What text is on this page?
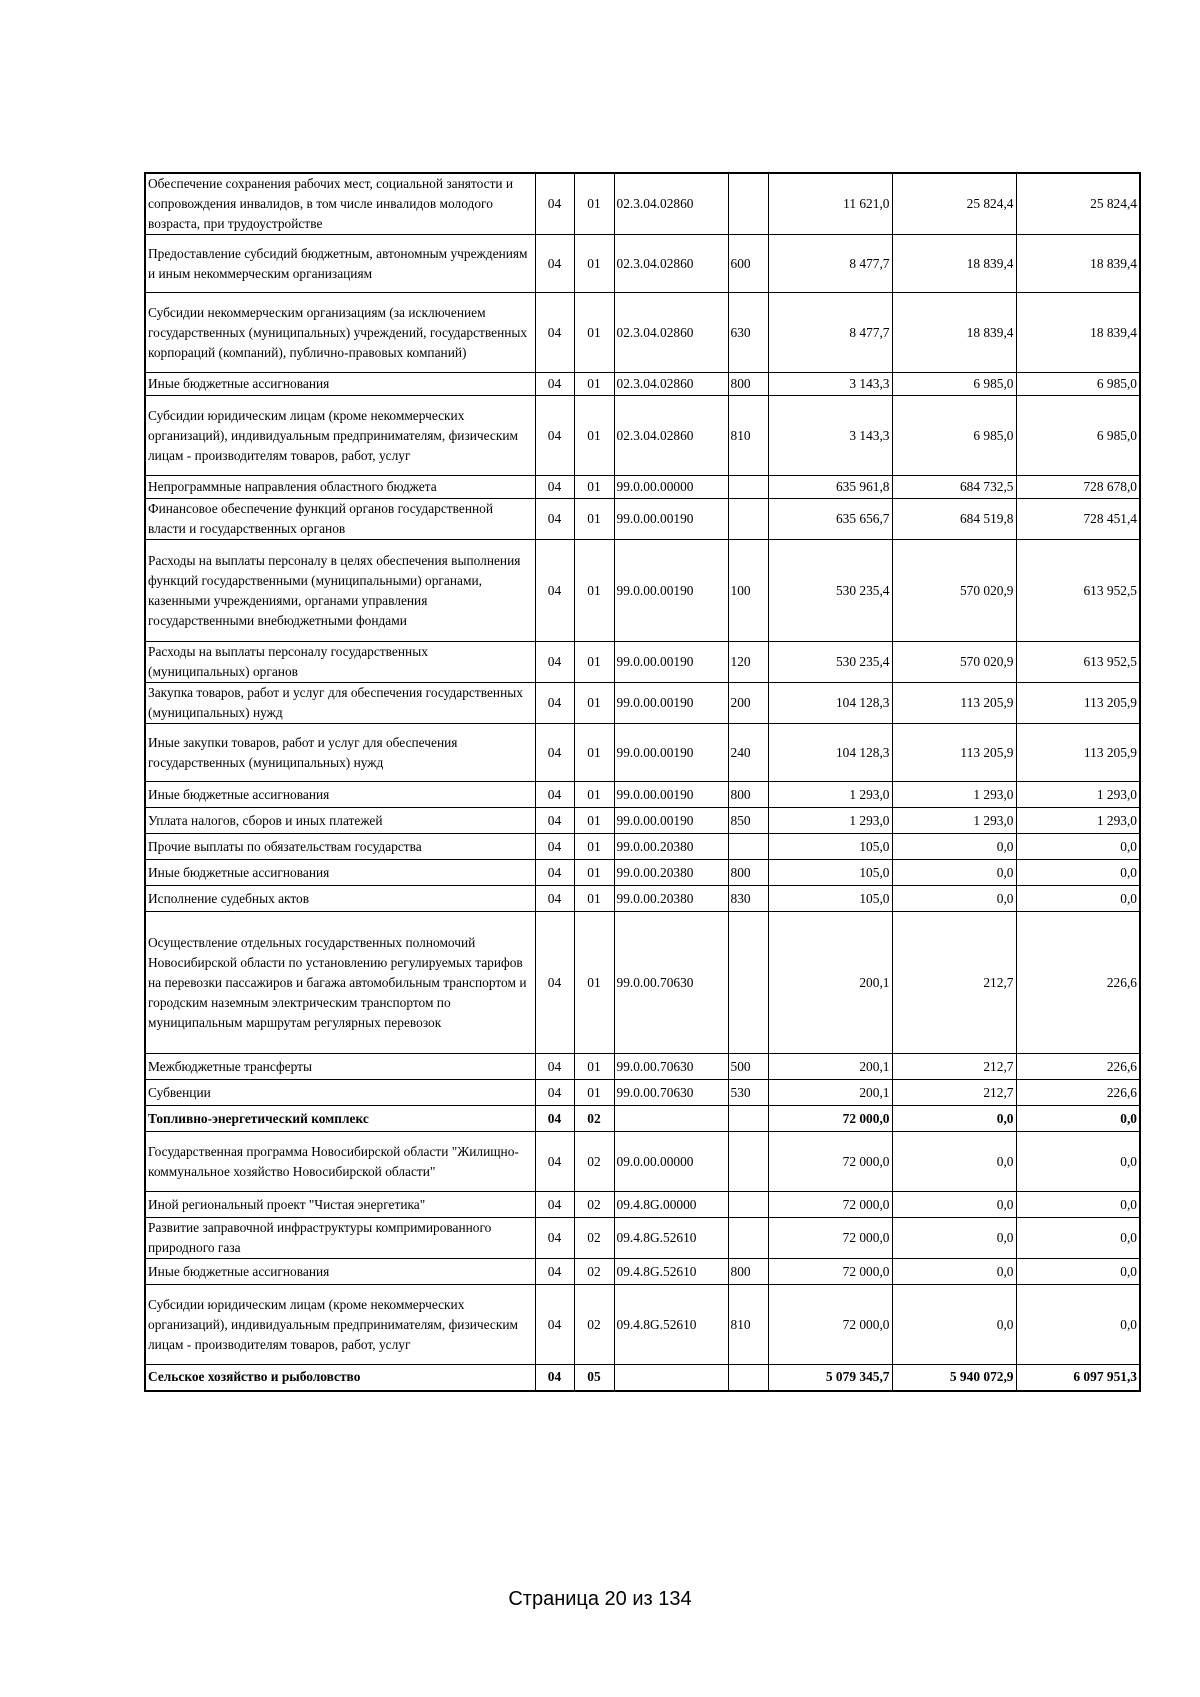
Обеспечение сохранения рабочих мест, социальной занятости и сопровождения инвалидов, в том числе инвалидов молодого возраста, при трудоустройстве	04	01	02.3.04.02860		11 621,0	25 824,4	25 824,4
Предоставление субсидий бюджетным, автономным учреждениям и иным некоммерческим организациям	04	01	02.3.04.02860	600	8 477,7	18 839,4	18 839,4
Субсидии некоммерческим организациям (за исключением государственных (муниципальных) учреждений, государственных корпораций (компаний), публично-правовых компаний)	04	01	02.3.04.02860	630	8 477,7	18 839,4	18 839,4
Иные бюджетные ассигнования	04	01	02.3.04.02860	800	3 143,3	6 985,0	6 985,0
Субсидии юридическим лицам (кроме некоммерческих организаций), индивидуальным предпринимателям, физическим лицам - производителям товаров, работ, услуг	04	01	02.3.04.02860	810	3 143,3	6 985,0	6 985,0
Непрограммные направления областного бюджета	04	01	99.0.00.00000		635 961,8	684 732,5	728 678,0
Финансовое обеспечение функций органов государственной власти и государственных органов	04	01	99.0.00.00190		635 656,7	684 519,8	728 451,4
Расходы на выплаты персоналу в целях обеспечения выполнения функций государственными (муниципальными) органами, казенными учреждениями, органами управления государственными внебюджетными фондами	04	01	99.0.00.00190	100	530 235,4	570 020,9	613 952,5
Расходы на выплаты персоналу государственных (муниципальных) органов	04	01	99.0.00.00190	120	530 235,4	570 020,9	613 952,5
Закупка товаров, работ и услуг для обеспечения государственных (муниципальных) нужд	04	01	99.0.00.00190	200	104 128,3	113 205,9	113 205,9
Иные закупки товаров, работ и услуг для обеспечения государственных (муниципальных) нужд	04	01	99.0.00.00190	240	104 128,3	113 205,9	113 205,9
Иные бюджетные ассигнования	04	01	99.0.00.00190	800	1 293,0	1 293,0	1 293,0
Уплата налогов, сборов и иных платежей	04	01	99.0.00.00190	850	1 293,0	1 293,0	1 293,0
Прочие выплаты по обязательствам государства	04	01	99.0.00.20380		105,0	0,0	0,0
Иные бюджетные ассигнования	04	01	99.0.00.20380	800	105,0	0,0	0,0
Исполнение судебных актов	04	01	99.0.00.20380	830	105,0	0,0	0,0
Осуществление отдельных государственных полномочий Новосибирской области по установлению регулируемых тарифов на перевозки пассажиров и багажа автомобильным транспортом и городским наземным электрическим транспортом по муниципальным маршрутам регулярных перевозок	04	01	99.0.00.70630		200,1	212,7	226,6
Межбюджетные трансферты	04	01	99.0.00.70630	500	200,1	212,7	226,6
Субвенции	04	01	99.0.00.70630	530	200,1	212,7	226,6
Топливно-энергетический комплекс	04	02			72 000,0	0,0	0,0
Государственная программа Новосибирской области "Жилищно-коммунальное хозяйство Новосибирской области"	04	02	09.0.00.00000		72 000,0	0,0	0,0
Иной региональный проект "Чистая энергетика"	04	02	09.4.8G.00000		72 000,0	0,0	0,0
Развитие заправочной инфраструктуры компримированного природного газа	04	02	09.4.8G.52610		72 000,0	0,0	0,0
Иные бюджетные ассигнования	04	02	09.4.8G.52610	800	72 000,0	0,0	0,0
Субсидии юридическим лицам (кроме некоммерческих организаций), индивидуальным предпринимателям, физическим лицам - производителям товаров, работ, услуг	04	02	09.4.8G.52610	810	72 000,0	0,0	0,0
Сельское хозяйство и рыболовство	04	05			5 079 345,7	5 940 072,9	6 097 951,3
Страница 20 из 134
